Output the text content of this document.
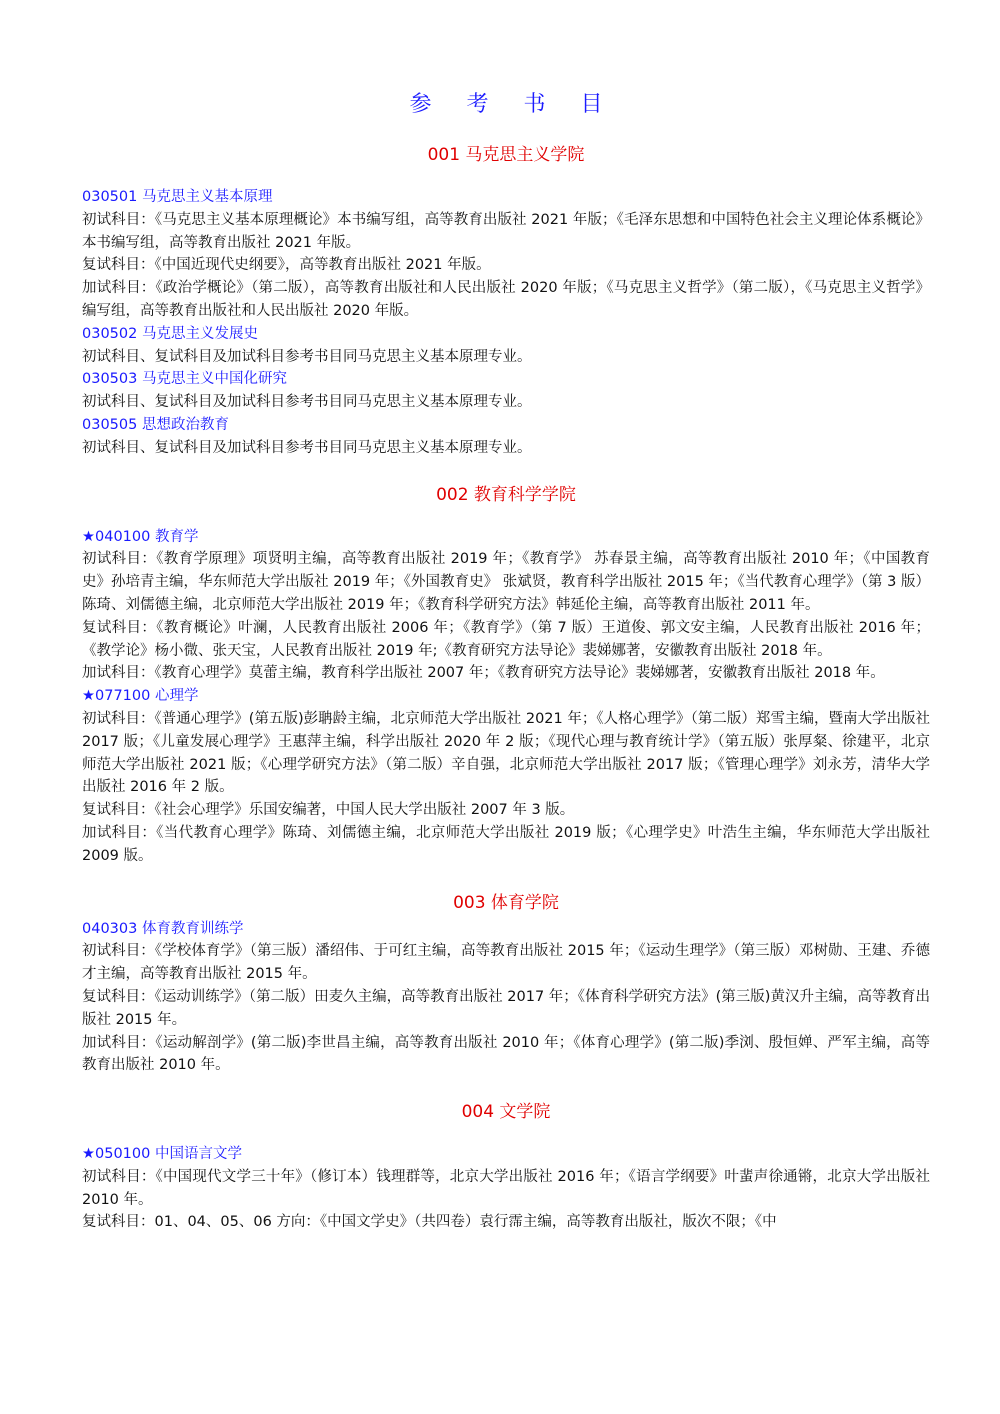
参 考 书 目
001 马克思主义学院
030501 马克思主义基本原理

初试科目：《马克思主义基本原理概论》本书编写组，高等教育出版社 2021 年版；《毛泽东思想和中国特色社会主义理论体系概论》本书编写组，高等教育出版社 2021 年版。

复试科目：《中国近现代史纲要》，高等教育出版社 2021 年版。

加试科目：《政治学概论》（第二版），高等教育出版社和人民出版社 2020 年版；《马克思主义哲学》（第二版），《马克思主义哲学》编写组，高等教育出版社和人民出版社 2020 年版。

030502 马克思主义发展史

初试科目、复试科目及加试科目参考书目同马克思主义基本原理专业。

030503 马克思主义中国化研究

初试科目、复试科目及加试科目参考书目同马克思主义基本原理专业。

030505 思想政治教育

初试科目、复试科目及加试科目参考书目同马克思主义基本原理专业。

002 教育科学学院
★040100 教育学

初试科目：《教育学原理》项贤明主编，高等教育出版社 2019 年；《教育学》 苏春景主编，高等教育出版社 2010 年；《中国教育史》孙培青主编，华东师范大学出版社 2019 年；《外国教育史》 张斌贤，教育科学出版社 2015 年；《当代教育心理学》（第 3 版）陈琦、刘儒德主编，北京师范大学出版社 2019 年；《教育科学研究方法》韩延伦主编，高等教育出版社 2011 年。

复试科目：《教育概论》叶澜，人民教育出版社 2006 年；《教育学》（第 7 版）王道俊、郭文安主编，人民教育出版社 2016 年；《教学论》杨小微、张天宝，人民教育出版社 2019 年;《教育研究方法导论》裴娣娜著，安徽教育出版社 2018 年。

加试科目：《教育心理学》莫蕾主编，教育科学出版社 2007 年；《教育研究方法导论》裴娣娜著，安徽教育出版社 2018 年。

★077100 心理学

初试科目：《普通心理学》(第五版)彭聃龄主编，北京师范大学出版社 2021 年；《人格心理学》（第二版）郑雪主编，暨南大学出版社 2017 版；《儿童发展心理学》王惠萍主编，科学出版社 2020 年 2 版；《现代心理与教育统计学》（第五版）张厚粲、徐建平，北京师范大学出版社 2021 版；《心理学研究方法》（第二版）辛自强，北京师范大学出版社 2017 版；《管理心理学》刘永芳，清华大学出版社 2016 年 2 版。

复试科目：《社会心理学》乐国安编著，中国人民大学出版社 2007 年 3 版。

加试科目：《当代教育心理学》陈琦、刘儒德主编，北京师范大学出版社 2019 版；《心理学史》叶浩生主编，华东师范大学出版社 2009 版。

003 体育学院
040303 体育教育训练学

初试科目：《学校体育学》（第三版）潘绍伟、于可红主编，高等教育出版社 2015 年；《运动生理学》（第三版）邓树勋、王建、乔德才主编，高等教育出版社 2015 年。

复试科目：《运动训练学》（第二版）田麦久主编，高等教育出版社 2017 年；《体育科学研究方法》(第三版)黄汉升主编，高等教育出版社 2015 年。

加试科目：《运动解剖学》(第二版)李世昌主编，高等教育出版社 2010 年；《体育心理学》(第二版)季浏、殷恒婵、严军主编，高等教育出版社 2010 年。

004 文学院
★050100 中国语言文学

初试科目：《中国现代文学三十年》（修订本）钱理群等，北京大学出版社 2016 年；《语言学纲要》叶蜚声徐通锵，北京大学出版社 2010 年。

复试科目：01、04、05、06 方向：《中国文学史》（共四卷）袁行霈主编，高等教育出版社，版次不限；《中
